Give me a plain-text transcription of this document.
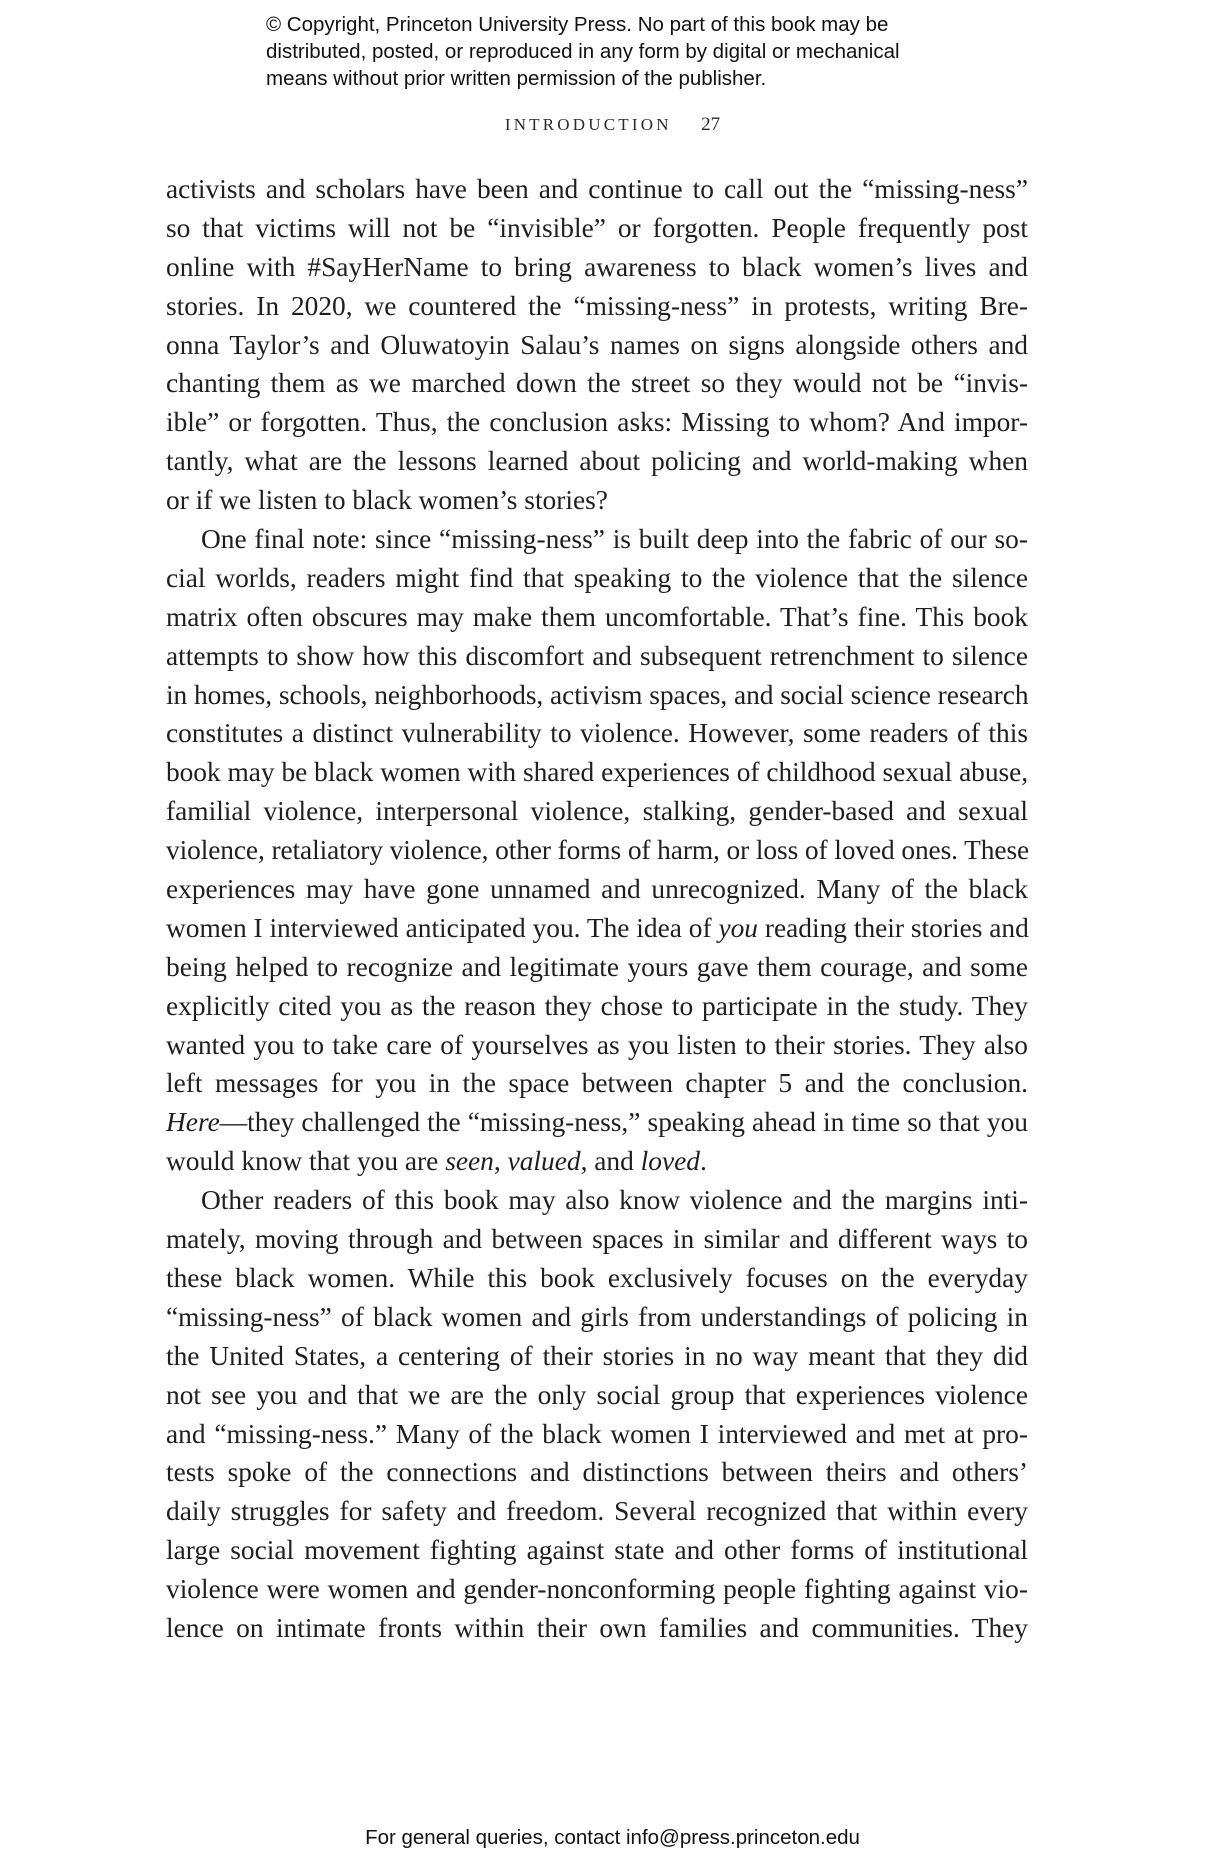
© Copyright, Princeton University Press. No part of this book may be
distributed, posted, or reproduced in any form by digital or mechanical
means without prior written permission of the publisher.
INTRODUCTION 27
activists and scholars have been and continue to call out the “missing-ness”
so that victims will not be “invisible” or forgotten. People frequently post
online with #SayHerName to bring awareness to black women’s lives and
stories. In 2020, we countered the “missing-ness” in protests, writing Bre-
onna Taylor’s and Oluwatoyin Salau’s names on signs alongside others and
chanting them as we marched down the street so they would not be “invis-
ible” or forgotten. Thus, the conclusion asks: Missing to whom? And impor-
tantly, what are the lessons learned about policing and world-making when
or if we listen to black women’s stories?
One final note: since “missing-ness” is built deep into the fabric of our so-
cial worlds, readers might find that speaking to the violence that the silence
matrix often obscures may make them uncomfortable. That’s fine. This book
attempts to show how this discomfort and subsequent retrenchment to silence
in homes, schools, neighborhoods, activism spaces, and social science research
constitutes a distinct vulnerability to violence. However, some readers of this
book may be black women with shared experiences of childhood sexual abuse,
familial violence, interpersonal violence, stalking, gender-based and sexual
violence, retaliatory violence, other forms of harm, or loss of loved ones. These
experiences may have gone unnamed and unrecognized. Many of the black
women I interviewed anticipated you. The idea of you reading their stories and
being helped to recognize and legitimate yours gave them courage, and some
explicitly cited you as the reason they chose to participate in the study. They
wanted you to take care of yourselves as you listen to their stories. They also
left messages for you in the space between chapter 5 and the conclusion.
Here—they challenged the “missing-ness,” speaking ahead in time so that you
would know that you are seen, valued, and loved.
Other readers of this book may also know violence and the margins inti-
mately, moving through and between spaces in similar and different ways to
these black women. While this book exclusively focuses on the everyday
“missing-ness” of black women and girls from understandings of policing in
the United States, a centering of their stories in no way meant that they did
not see you and that we are the only social group that experiences violence
and “missing-ness.” Many of the black women I interviewed and met at pro-
tests spoke of the connections and distinctions between theirs and others’
daily struggles for safety and freedom. Several recognized that within every
large social movement fighting against state and other forms of institutional
violence were women and gender-nonconforming people fighting against vio-
lence on intimate fronts within their own families and communities. They
For general queries, contact info@press.princeton.edu
